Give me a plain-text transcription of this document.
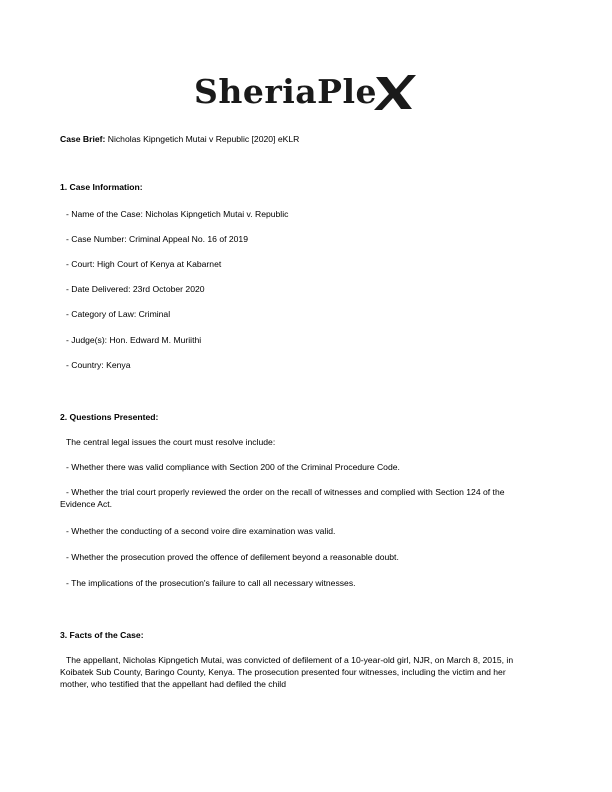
SheriaPle
Case Brief: Nicholas Kipngetich Mutai v Republic [2020] eKLR
1. Case Information:
- Name of the Case: Nicholas Kipngetich Mutai v. Republic
- Case Number: Criminal Appeal No. 16 of 2019
- Court: High Court of Kenya at Kabarnet
- Date Delivered: 23rd October 2020
- Category of Law: Criminal
- Judge(s): Hon. Edward M. Muriithi
- Country: Kenya
2. Questions Presented:
The central legal issues the court must resolve include:
- Whether there was valid compliance with Section 200 of the Criminal Procedure Code.
- Whether the trial court properly reviewed the order on the recall of witnesses and complied with Section 124 of the Evidence Act.
- Whether the conducting of a second voire dire examination was valid.
- Whether the prosecution proved the offence of defilement beyond a reasonable doubt.
- The implications of the prosecution's failure to call all necessary witnesses.
3. Facts of the Case:
The appellant, Nicholas Kipngetich Mutai, was convicted of defilement of a 10-year-old girl, NJR, on March 8, 2015, in Koibatek Sub County, Baringo County, Kenya. The prosecution presented four witnesses, including the victim and her mother, who testified that the appellant had defiled the child
